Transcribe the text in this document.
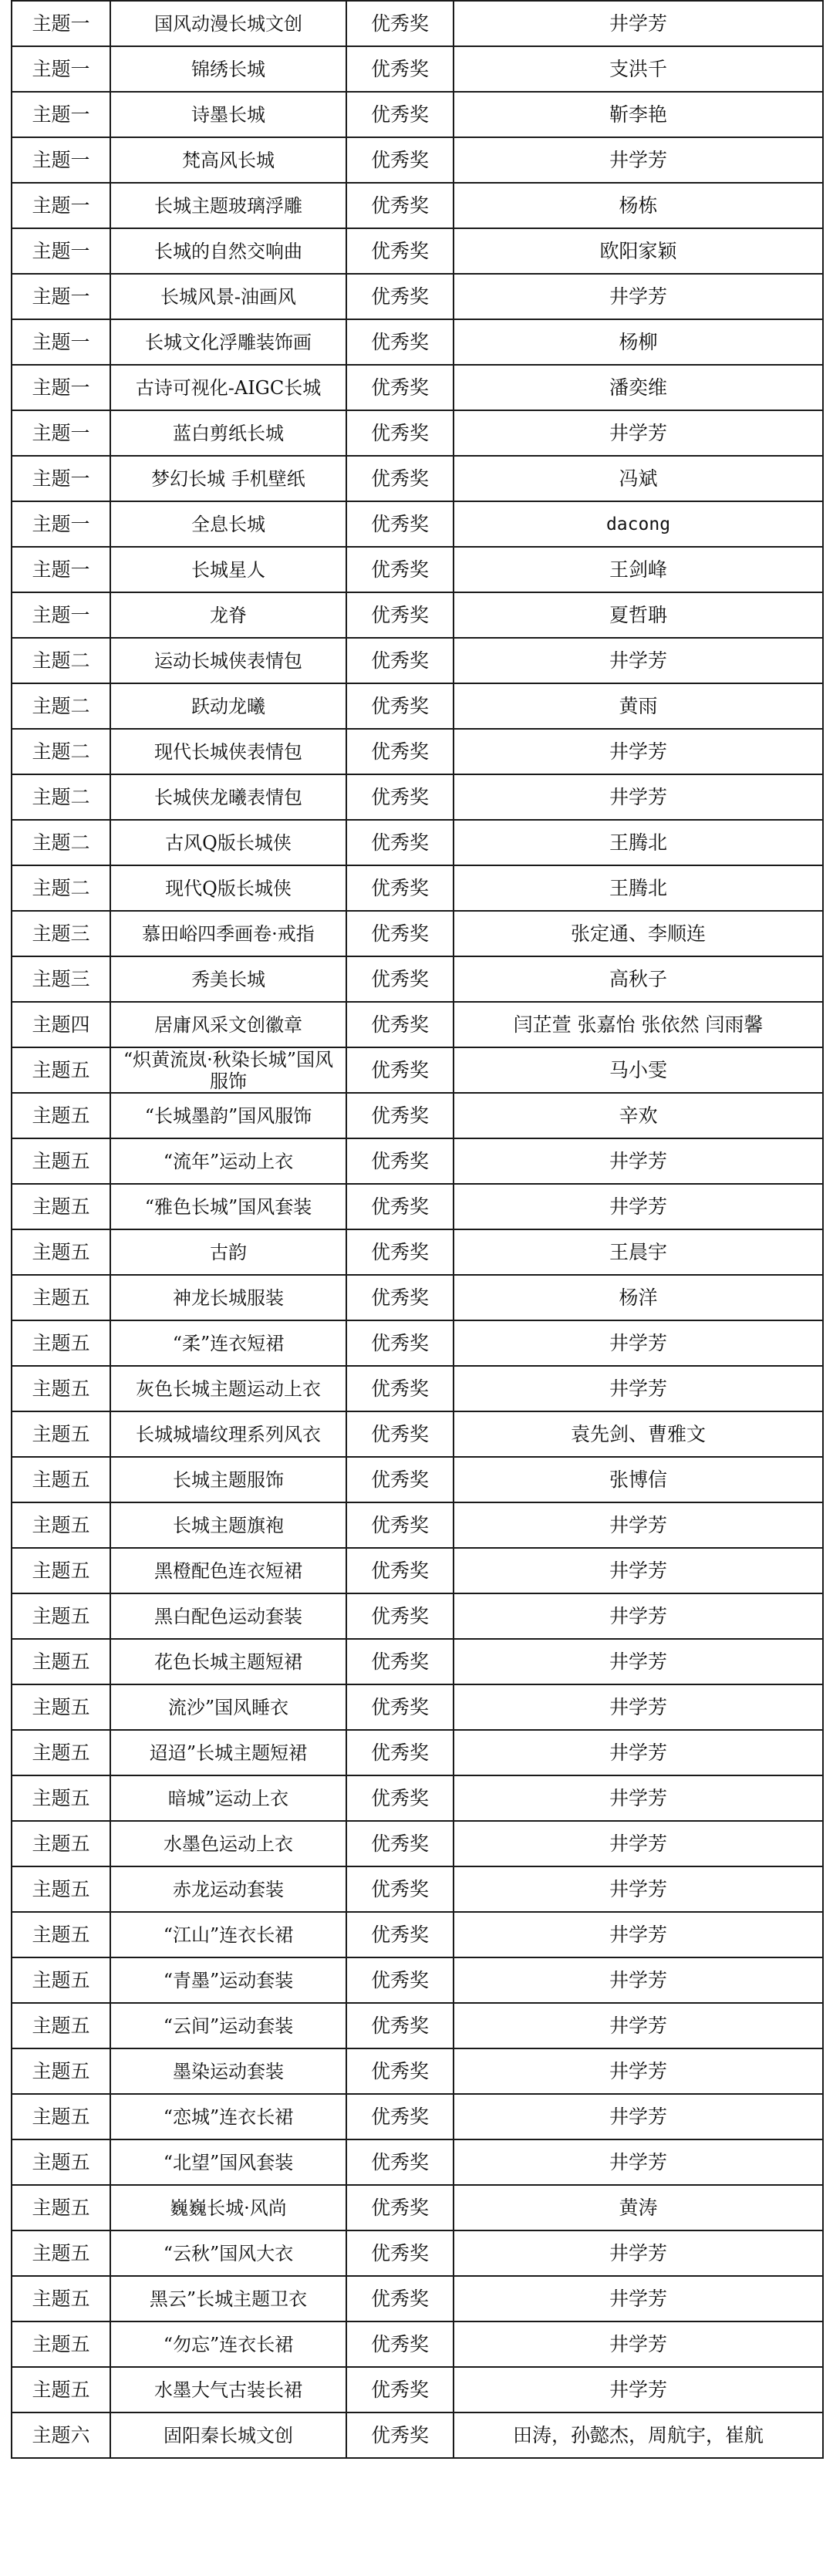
主题一	国风动漫长城文创	优秀奖	井学芳
主题一	锦绣长城	优秀奖	支洪千
主题一	诗墨长城	优秀奖	靳李艳
主题一	梵高风长城	优秀奖	井学芳
主题一	长城主题玻璃浮雕	优秀奖	杨栋
主题一	长城的自然交响曲	优秀奖	欧阳家颖
主题一	长城风景-油画风	优秀奖	井学芳
主题一	长城文化浮雕装饰画	优秀奖	杨柳
主题一	古诗可视化-AIGC长城	优秀奖	潘奕维
主题一	蓝白剪纸长城	优秀奖	井学芳
主题一	梦幻长城 手机壁纸	优秀奖	冯斌
主题一	全息长城	优秀奖	dacong
主题一	长城星人	优秀奖	王剑峰
主题一	龙脊	优秀奖	夏哲聃
主题二	运动长城侠表情包	优秀奖	井学芳
主题二	跃动龙曦	优秀奖	黄雨
主题二	现代长城侠表情包	优秀奖	井学芳
主题二	长城侠龙曦表情包	优秀奖	井学芳
主题二	古风Q版长城侠	优秀奖	王腾北
主题二	现代Q版长城侠	优秀奖	王腾北
主题三	慕田峪四季画卷·戒指	优秀奖	张定通、李顺连
主题三	秀美长城	优秀奖	高秋子
主题四	居庸风采文创徽章	优秀奖	闫芷萱 张嘉怡 张依然 闫雨馨
主题五	“炽黄流岚·秋染长城”国风服饰	优秀奖	马小雯
主题五	“长城墨韵”国风服饰	优秀奖	辛欢
主题五	“流年”运动上衣	优秀奖	井学芳
主题五	“雅色长城”国风套装	优秀奖	井学芳
主题五	古韵	优秀奖	王晨宇
主题五	神龙长城服装	优秀奖	杨洋
主题五	“柔”连衣短裙	优秀奖	井学芳
主题五	灰色长城主题运动上衣	优秀奖	井学芳
主题五	长城城墙纹理系列风衣	优秀奖	袁先剑、曹雅文
主题五	长城主题服饰	优秀奖	张博信
主题五	长城主题旗袍	优秀奖	井学芳
主题五	黑橙配色连衣短裙	优秀奖	井学芳
主题五	黑白配色运动套装	优秀奖	井学芳
主题五	花色长城主题短裙	优秀奖	井学芳
主题五	流沙”国风睡衣	优秀奖	井学芳
主题五	迢迢”长城主题短裙	优秀奖	井学芳
主题五	暗城”运动上衣	优秀奖	井学芳
主题五	水墨色运动上衣	优秀奖	井学芳
主题五	赤龙运动套装	优秀奖	井学芳
主题五	“江山”连衣长裙	优秀奖	井学芳
主题五	“青墨”运动套装	优秀奖	井学芳
主题五	“云间”运动套装	优秀奖	井学芳
主题五	墨染运动套装	优秀奖	井学芳
主题五	“恋城”连衣长裙	优秀奖	井学芳
主题五	“北望”国风套装	优秀奖	井学芳
主题五	巍巍长城·风尚	优秀奖	黄涛
主题五	“云秋”国风大衣	优秀奖	井学芳
主题五	黑云”长城主题卫衣	优秀奖	井学芳
主题五	“勿忘”连衣长裙	优秀奖	井学芳
主题五	水墨大气古装长裙	优秀奖	井学芳
主题六	固阳秦长城文创	优秀奖	田涛，孙懿杰，周航宇，崔航
